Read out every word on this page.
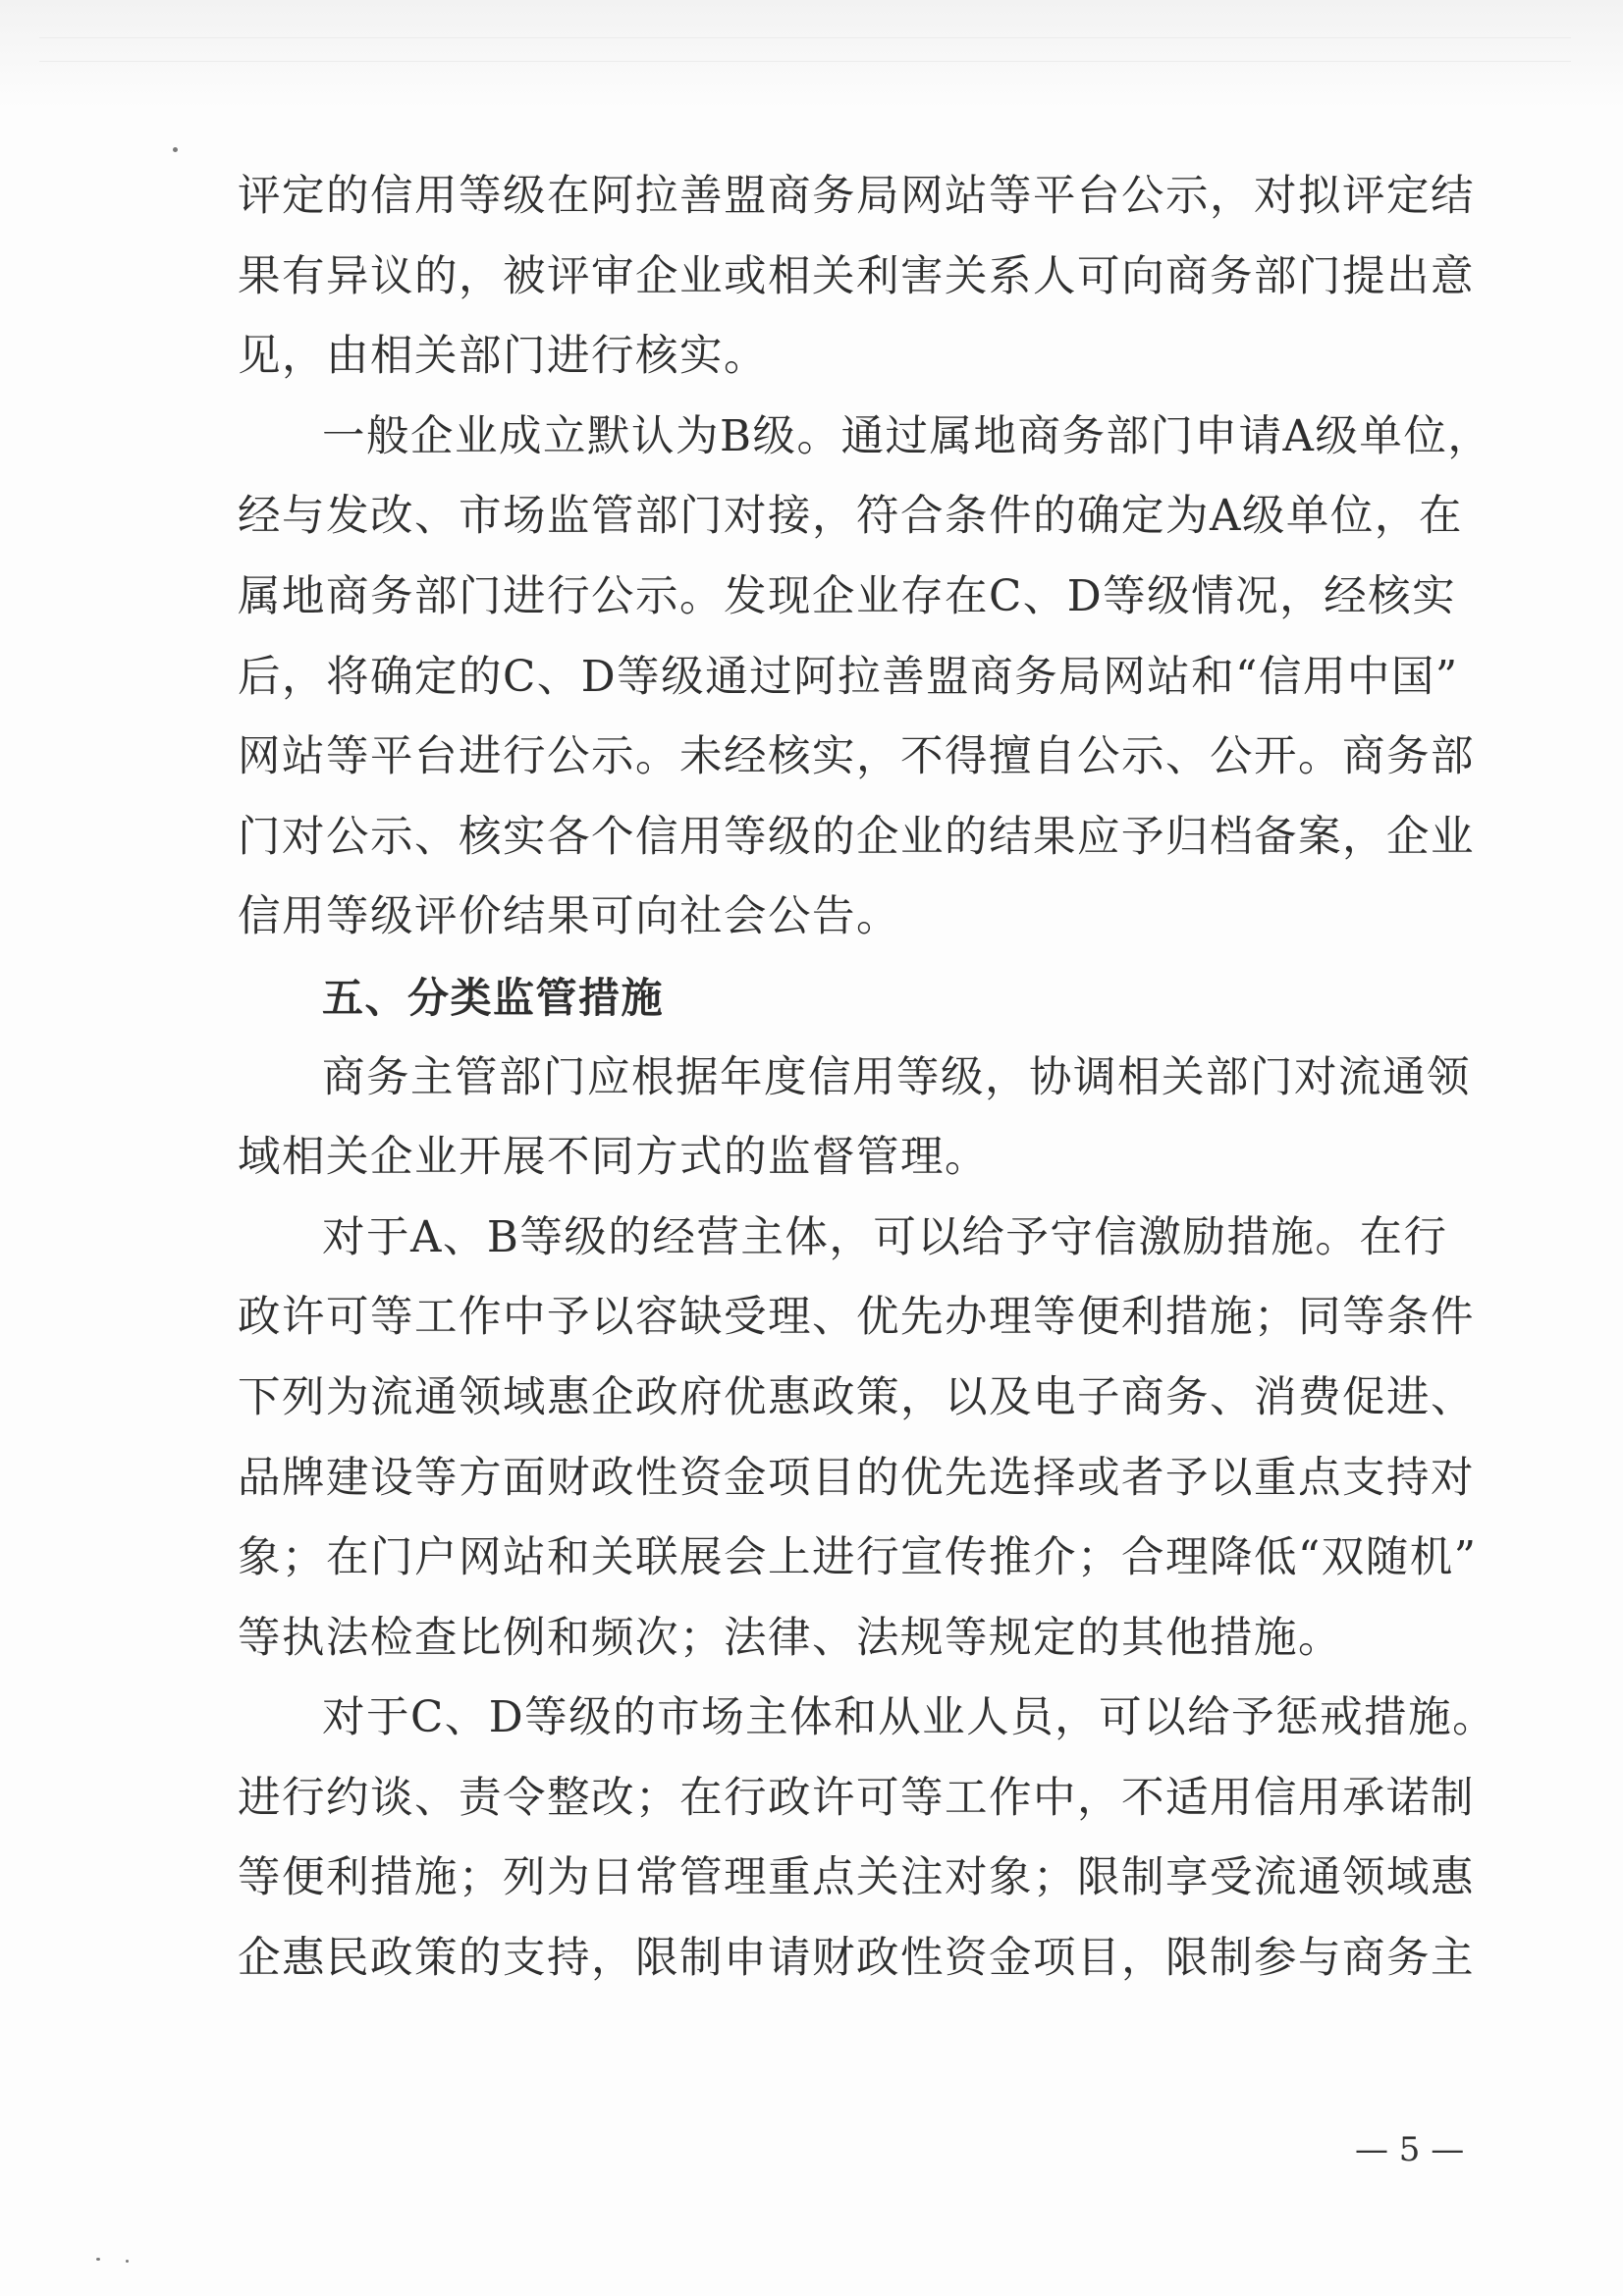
评定的信用等级在阿拉善盟商务局网站等平台公示，对拟评定结
果有异议的，被评审企业或相关利害关系人可向商务部门提出意
见，由相关部门进行核实。
一般企业成立默认为B级。通过属地商务部门申请A级单位，
经与发改、市场监管部门对接，符合条件的确定为A级单位，在
属地商务部门进行公示。发现企业存在C、D等级情况，经核实
后，将确定的C、D等级通过阿拉善盟商务局网站和“信用中国”
网站等平台进行公示。未经核实，不得擅自公示、公开。商务部
门对公示、核实各个信用等级的企业的结果应予归档备案，企业
信用等级评价结果可向社会公告。
五、分类监管措施
商务主管部门应根据年度信用等级，协调相关部门对流通领
域相关企业开展不同方式的监督管理。
对于A、B等级的经营主体，可以给予守信激励措施。在行
政许可等工作中予以容缺受理、优先办理等便利措施；同等条件
下列为流通领域惠企政府优惠政策，以及电子商务、消费促进、
品牌建设等方面财政性资金项目的优先选择或者予以重点支持对
象；在门户网站和关联展会上进行宣传推介；合理降低“双随机”
等执法检查比例和频次；法律、法规等规定的其他措施。
对于C、D等级的市场主体和从业人员，可以给予惩戒措施。
进行约谈、责令整改；在行政许可等工作中，不适用信用承诺制
等便利措施；列为日常管理重点关注对象；限制享受流通领域惠
企惠民政策的支持，限制申请财政性资金项目，限制参与商务主
— 5 —
